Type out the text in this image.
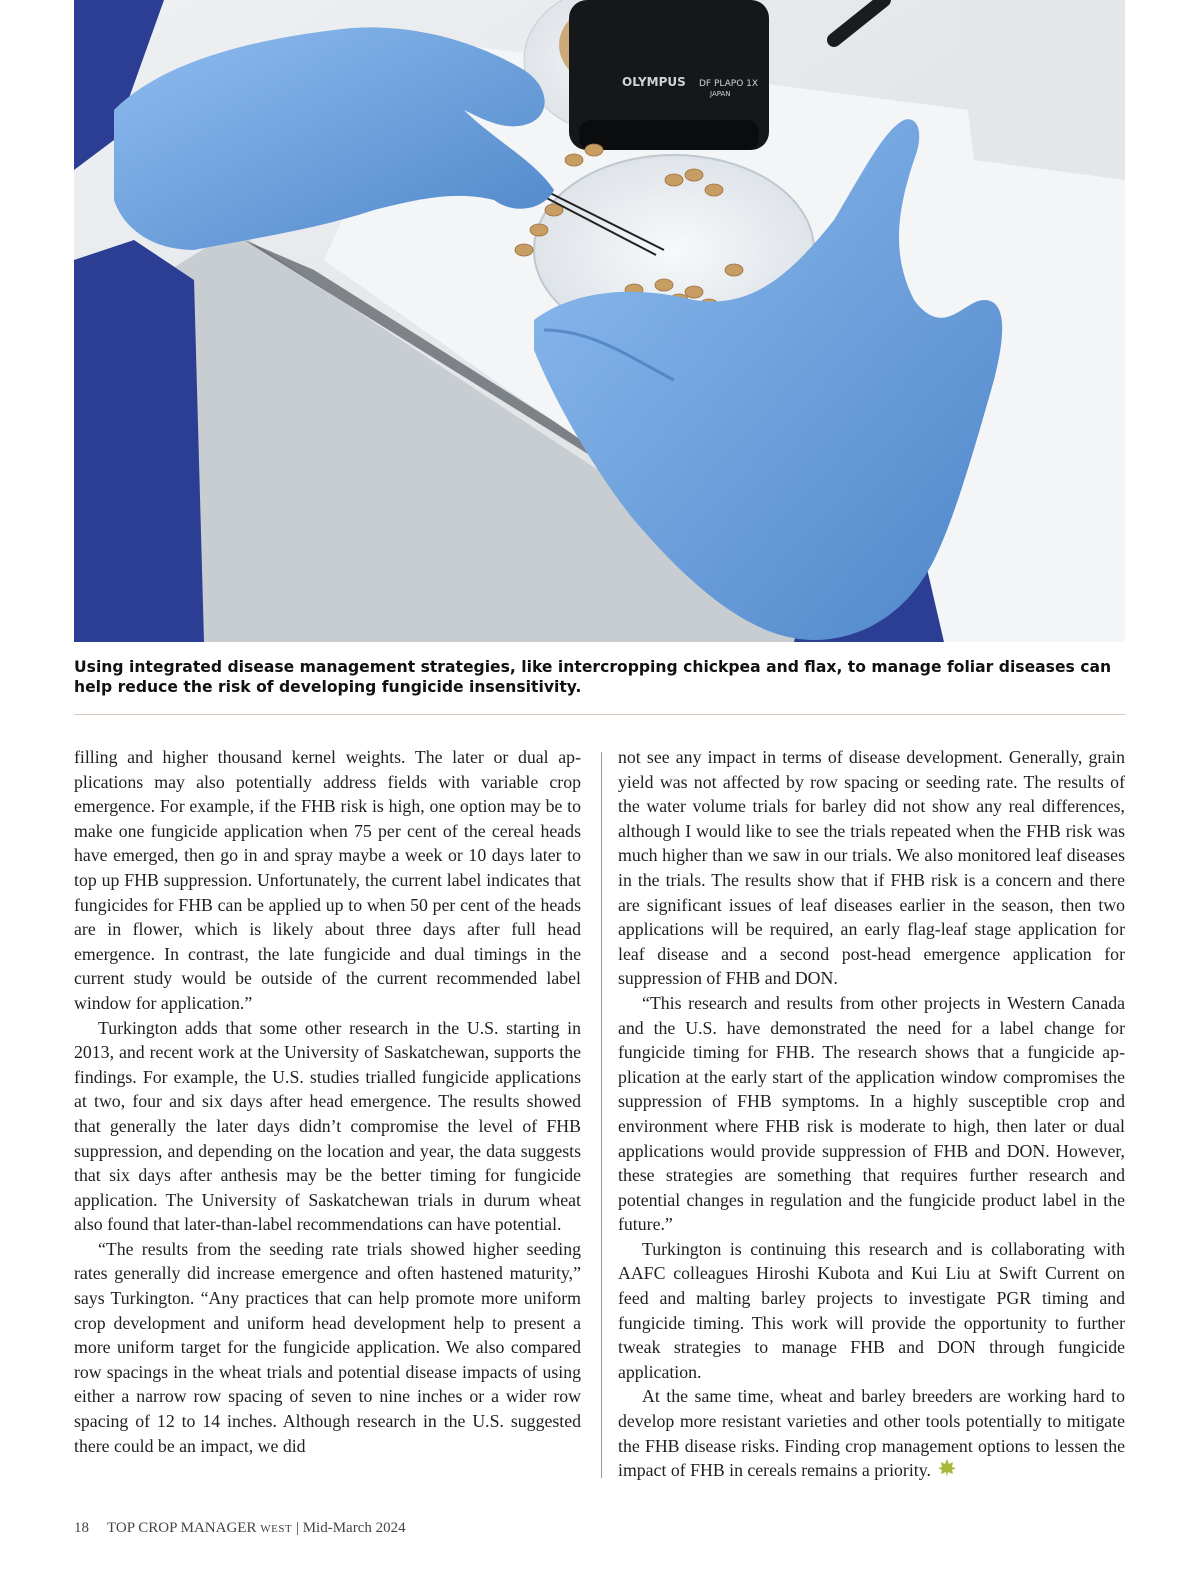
OLYMPUS DF PLAPO 1X
JAPAN
Using integrated disease management strategies, like intercropping chickpea and flax, to manage foliar diseases can help reduce the risk of developing fungicide insensitivity.

filling and higher thousand kernel weights. The later or dual applications may also potentially address fields with variable crop emergence. For example, if the FHB risk is high, one option may be to make one fungicide application when 75 per cent of the cereal heads have emerged, then go in and spray maybe a week or 10 days later to top up FHB suppression. Unfortunately, the current label indicates that fungicides for FHB can be applied up to when 50 per cent of the heads are in flower, which is likely about three days after full head emergence. In contrast, the late fungicide and dual timings in the current study would be outside of the current recommended label window for application.”

Turkington adds that some other research in the U.S. starting in 2013, and recent work at the University of Saskatchewan, supports the findings. For example, the U.S. studies trialled fungicide applications at two, four and six days after head emergence. The results showed that generally the later days didn’t compromise the level of FHB suppression, and depending on the location and year, the data suggests that six days after anthesis may be the better timing for fungicide application. The University of Saskatchewan trials in durum wheat also found that later-than-label recommendations can have potential.

“The results from the seeding rate trials showed higher seeding rates generally did increase emergence and often hastened maturity,” says Turkington. “Any practices that can help promote more uniform crop development and uniform head development help to present a more uniform target for the fungicide application. We also compared row spacings in the wheat trials and potential disease impacts of using either a narrow row spacing of seven to nine inches or a wider row spacing of 12 to 14 inches. Although research in the U.S. suggested there could be an impact, we did

not see any impact in terms of disease development. Generally, grain yield was not affected by row spacing or seeding rate. The results of the water volume trials for barley did not show any real differences, although I would like to see the trials repeated when the FHB risk was much higher than we saw in our trials. We also monitored leaf diseases in the trials. The results show that if FHB risk is a concern and there are significant issues of leaf diseases earlier in the season, then two applications will be required, an early flag-leaf stage application for leaf disease and a second post-head emergence application for suppression of FHB and DON.

“This research and results from other projects in Western Canada and the U.S. have demonstrated the need for a label change for fungicide timing for FHB. The research shows that a fungicide application at the early start of the application window compromises the suppression of FHB symptoms. In a highly susceptible crop and environment where FHB risk is moderate to high, then later or dual applications would provide suppression of FHB and DON. However, these strategies are something that requires further research and potential changes in regulation and the fungicide product label in the future.”

Turkington is continuing this research and is collaborating with AAFC colleagues Hiroshi Kubota and Kui Liu at Swift Current on feed and malting barley projects to investigate PGR timing and fungicide timing. This work will provide the opportunity to further tweak strategies to manage FHB and DON through fungicide application.

At the same time, wheat and barley breeders are working hard to develop more resistant varieties and other tools potentially to mitigate the FHB disease risks. Finding crop management options to lessen the impact of FHB in cereals remains a priority.

18 TOP CROP MANAGER WEST | Mid-March 2024
